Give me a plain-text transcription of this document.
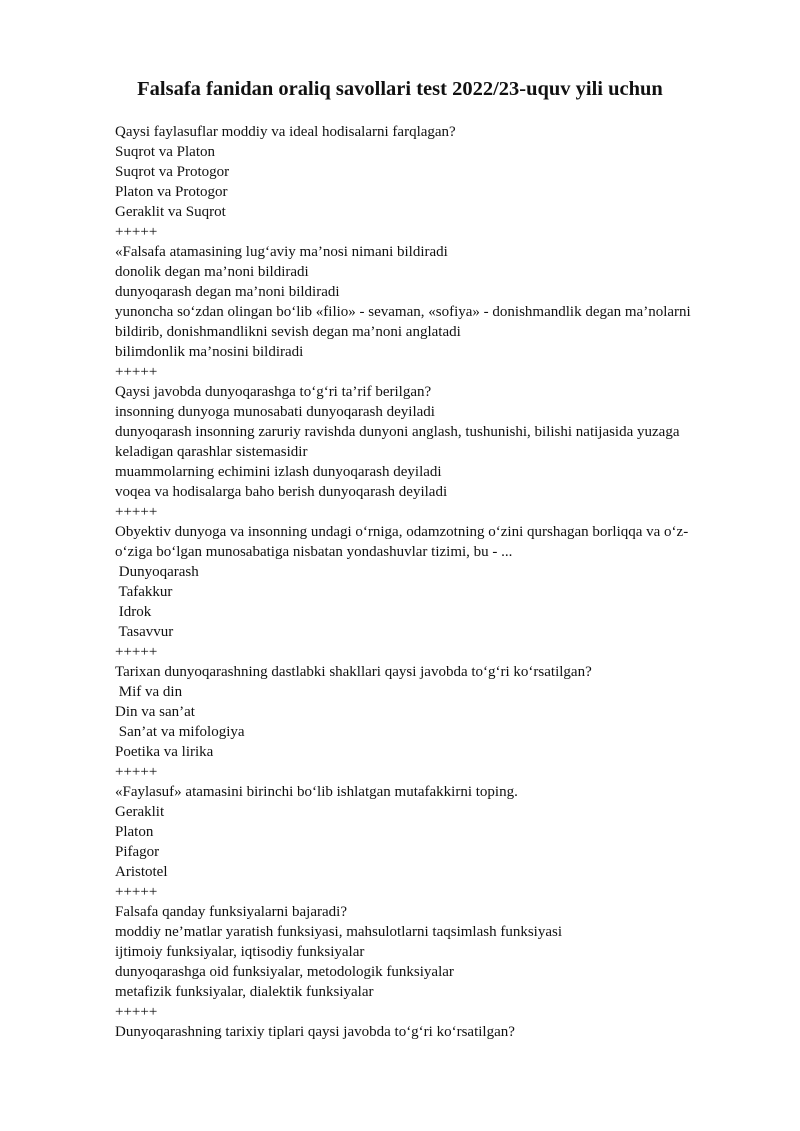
Falsafa fanidan oraliq savollari test 2022/23-uquv yili uchun
Qaysi faylasuflar moddiy va ideal hodisalarni farqlagan?
Suqrot va Platon
Suqrot va Protogor
Platon va Protogor
Geraklit va Suqrot
+++++
«Falsafa atamasining lug‘aviy ma’nosi nimani bildiradi
donolik degan ma’noni bildiradi
dunyoqarash degan ma’noni bildiradi
yunoncha so‘zdan olingan bo‘lib «filio» - sevaman, «sofiya» - donishmandlik degan ma’nolarni
bildirib, donishmandlikni sevish degan ma’noni anglatadi
bilimdonlik ma’nosini bildiradi
+++++
Qaysi javobda dunyoqarashga to‘g‘ri ta’rif berilgan?
insonning dunyoga munosabati dunyoqarash deyiladi
dunyoqarash insonning zaruriy ravishda dunyoni anglash, tushunishi, bilishi natijasida yuzaga
keladigan qarashlar sistemasidir
muammolarning echimini izlash dunyoqarash deyiladi
voqea va hodisalarga baho berish dunyoqarash deyiladi
+++++
Obyektiv dunyoga va insonning undagi o‘rniga, odamzotning o‘zini qurshagan borliqqa va o‘z-
o‘ziga bo‘lgan munosabatiga nisbatan yondashuvlar tizimi, bu - ...
Dunyoqarash
Tafakkur
Idrok
Tasavvur
+++++
Tarixan dunyoqarashning dastlabki shakllari qaysi javobda to‘g‘ri ko‘rsatilgan?
Mif va din
Din va san’at
San’at va mifologiya
Poetika va lirika
+++++
«Faylasuf» atamasini birinchi bo‘lib ishlatgan mutafakkirni toping.
Geraklit
Platon
Pifagor
Aristotel
+++++
Falsafa qanday funksiyalarni bajaradi?
moddiy ne’matlar yaratish funksiyasi, mahsulotlarni taqsimlash funksiyasi
ijtimoiy funksiyalar, iqtisodiy funksiyalar
dunyoqarashga oid funksiyalar, metodologik funksiyalar
metafizik funksiyalar, dialektik funksiyalar
+++++
Dunyoqarashning tarixiy tiplari qaysi javobda to‘g‘ri ko‘rsatilgan?
